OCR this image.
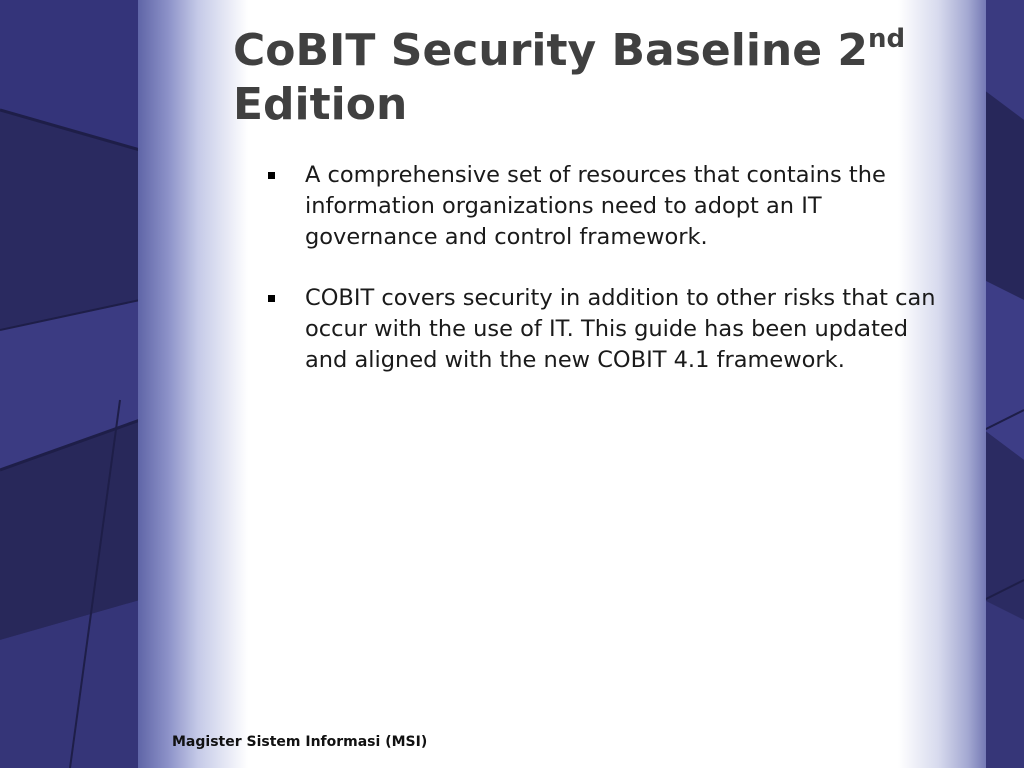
CoBIT Security Baseline 2nd
Edition
A comprehensive set of resources that contains the information organizations need to adopt an IT governance and control framework.
COBIT covers security in addition to other risks that can occur with the use of IT. This guide has been updated and aligned with the new COBIT 4.1 framework.
Magister Sistem Informasi (MSI)
